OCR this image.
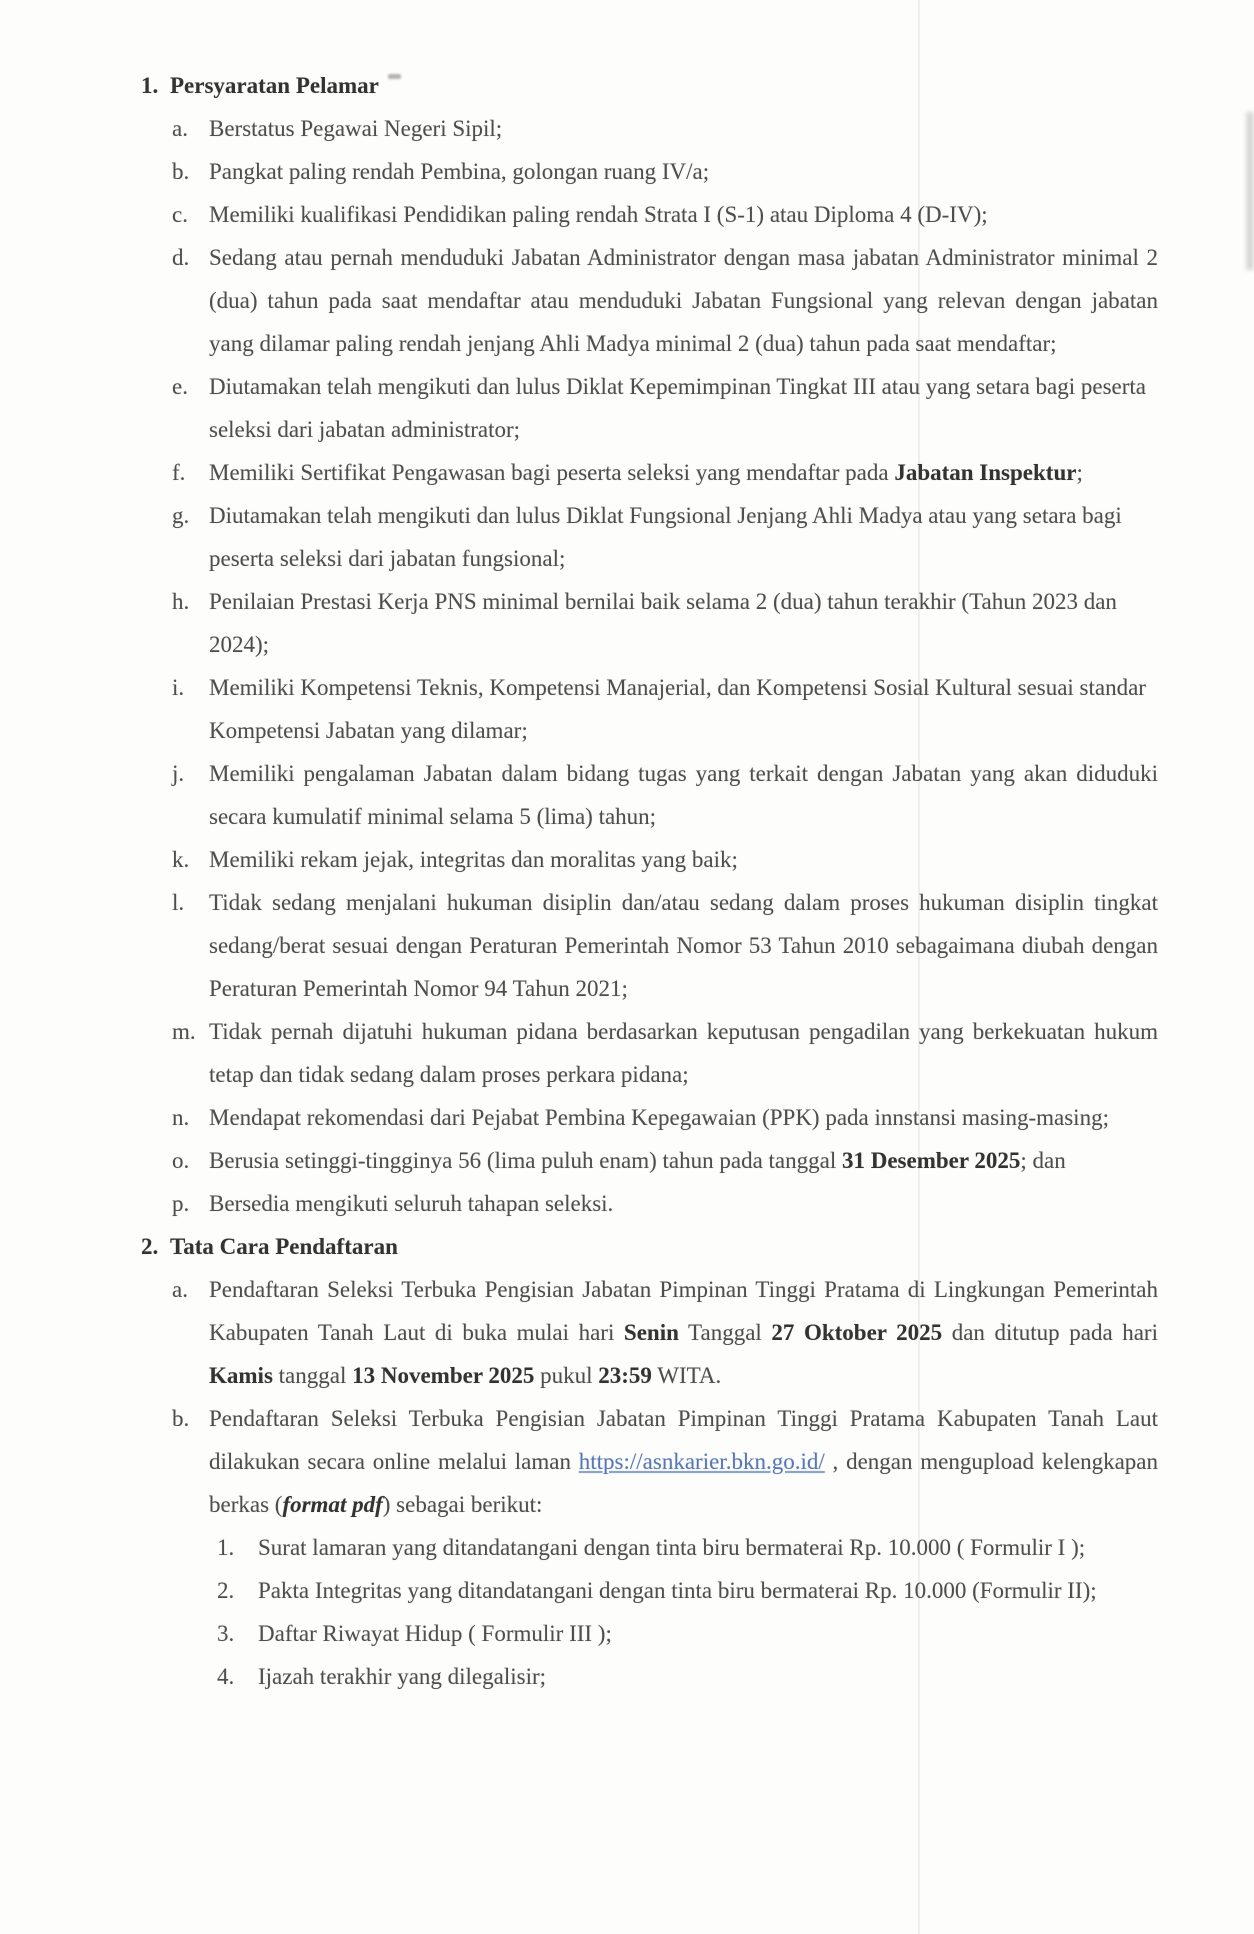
1. Persyaratan Pelamar
a. Berstatus Pegawai Negeri Sipil;
b. Pangkat paling rendah Pembina, golongan ruang IV/a;
c. Memiliki kualifikasi Pendidikan paling rendah Strata I (S-1) atau Diploma 4 (D-IV);
d. Sedang atau pernah menduduki Jabatan Administrator dengan masa jabatan Administrator minimal 2 (dua) tahun pada saat mendaftar atau menduduki Jabatan Fungsional yang relevan dengan jabatan yang dilamar paling rendah jenjang Ahli Madya minimal 2 (dua) tahun pada saat mendaftar;
e. Diutamakan telah mengikuti dan lulus Diklat Kepemimpinan Tingkat III atau yang setara bagi peserta seleksi dari jabatan administrator;
f.	Memiliki Sertifikat Pengawasan bagi peserta seleksi yang mendaftar pada Jabatan Inspektur;
g. Diutamakan telah mengikuti dan lulus Diklat Fungsional Jenjang Ahli Madya atau yang setara bagi peserta seleksi dari jabatan fungsional;
h. Penilaian Prestasi Kerja PNS minimal bernilai baik selama 2 (dua) tahun terakhir (Tahun 2023 dan 2024);
i.	Memiliki Kompetensi Teknis, Kompetensi Manajerial, dan Kompetensi Sosial Kultural sesuai standar Kompetensi Jabatan yang dilamar;
j.	Memiliki pengalaman Jabatan dalam bidang tugas yang terkait dengan Jabatan yang akan diduduki secara kumulatif minimal selama 5 (lima) tahun;
k. Memiliki rekam jejak, integritas dan moralitas yang baik;
l.	Tidak sedang menjalani hukuman disiplin dan/atau sedang dalam proses hukuman disiplin tingkat sedang/berat sesuai dengan Peraturan Pemerintah Nomor 53 Tahun 2010 sebagaimana diubah dengan Peraturan Pemerintah Nomor 94 Tahun 2021;
m. Tidak pernah dijatuhi hukuman pidana berdasarkan keputusan pengadilan yang berkekuatan hukum tetap dan tidak sedang dalam proses perkara pidana;
n. Mendapat rekomendasi dari Pejabat Pembina Kepegawaian (PPK) pada innstansi masing-masing;
o. Berusia setinggi-tingginya 56 (lima puluh enam) tahun pada tanggal 31 Desember 2025; dan
p. Bersedia mengikuti seluruh tahapan seleksi.
2. Tata Cara Pendaftaran
a. Pendaftaran Seleksi Terbuka Pengisian Jabatan Pimpinan Tinggi Pratama di Lingkungan Pemerintah Kabupaten Tanah Laut di buka mulai hari Senin Tanggal 27 Oktober 2025 dan ditutup pada hari Kamis tanggal 13 November 2025 pukul 23:59 WITA.
b. Pendaftaran Seleksi Terbuka Pengisian Jabatan Pimpinan Tinggi Pratama Kabupaten Tanah Laut dilakukan secara online melalui laman https://asnkarier.bkn.go.id/ , dengan mengupload kelengkapan berkas (format pdf) sebagai berikut:
1.	Surat lamaran yang ditandatangani dengan tinta biru bermaterai Rp. 10.000 ( Formulir I );
2.	Pakta Integritas yang ditandatangani dengan tinta biru bermaterai Rp. 10.000 (Formulir II);
3.	Daftar Riwayat Hidup ( Formulir III );
4.	Ijazah terakhir yang dilegalisir;
